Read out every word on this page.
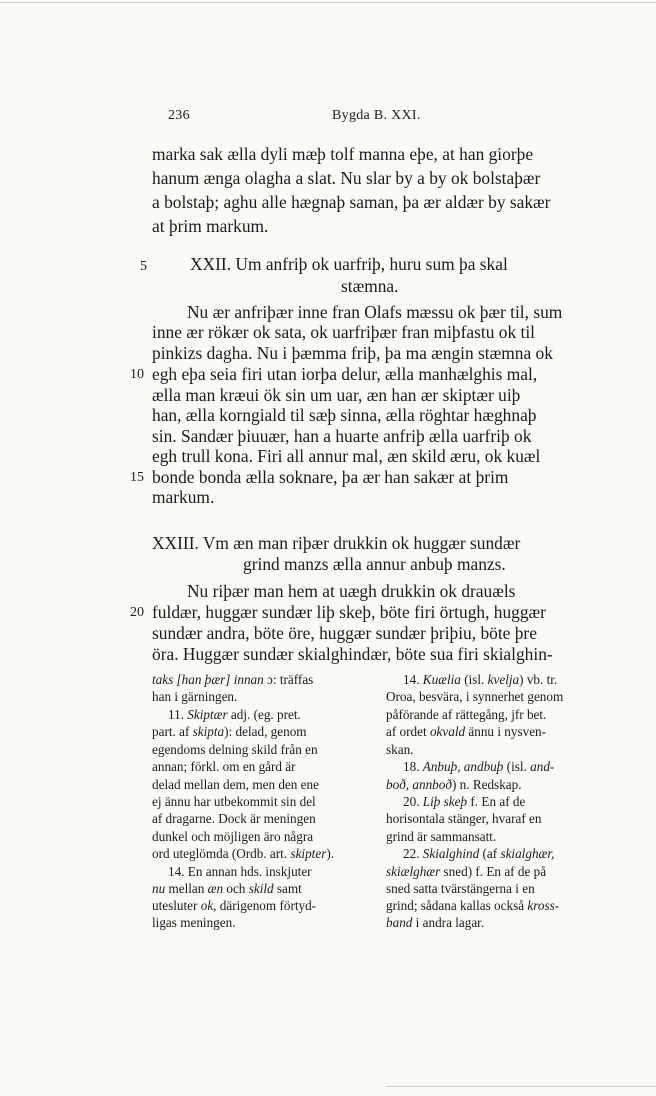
236	Bygda B. XXI.
marka sak ælla dyli mæþ tolf manna eþe, at han giorþe
hanum ænga olagha a slat. Nu slar by a by ok bolstaþær
a bolstaþ; aghu alle hægnaþ saman, þa ær aldær by sakær
at þrim markum.
5 XXII. Um anfriþ ok uarfriþ, huru sum þa skal
stæmna.
Nu ær anfriþær inne fran Olafs mæssu ok þær til, sum
inne ær rökær ok sata, ok uarfriþær fran miþfastu ok til
pinkizs dagha. Nu i þæmma friþ, þa ma ængin stæmna ok
10 egh eþa seia firi utan iorþa delur, ælla manhælghis mal,
ælla man kræui ök sin um uar, æn han ær skiptær uiþ
han, ælla korngiald til sæþ sinna, ælla röghtar hæghnaþ
sin. Sandær þiuuær, han a huarte anfriþ ælla uarfriþ ok
egh trull kona. Firi all annur mal, æn skild æru, ok kuæl
15 bonde bonda ælla soknare, þa ær han sakær at þrim
markum.
XXIII. Vm æn man riþær drukkin ok huggær sundær
grind manzs ælla annur anbuþ manzs.
Nu riþær man hem at uægh drukkin ok drauæls
20 fuldær, huggær sundær liþ skeþ, böte firi örtugh, huggær
sundær andra, böte öre, huggær sundær þriþiu, böte þre
öra. Huggær sundær skialghindær, böte sua firi skialghin-
taks [han þær] innan ɔ: träffas
han i gärningen.
11. Skiptær adj. (eg. pret.
part. af skipta): delad, genom
egendoms delning skild från en
annan; förkl. om en gård är
delad mellan dem, men den ene
ej ännu har utbekommit sin del
af dragarne. Dock är meningen
dunkel och möjligen äro några
ord uteglömda (Ordb. art. skipter).
14. En annan hds. inskjuter
nu mellan æn och skild samt
utesluter ok, därigenom förtyd-
ligas meningen.
14. Kuælia (isl. kvelja) vb. tr.
Oroa, besvära, i synnerhet genom
påförande af rättegång, jfr bet.
af ordet okvald ännu i nysven-
skan.
18. Anbuþ, andbuþ (isl. and-
boð, annboð) n. Redskap.
20. Liþ skeþ f. En af de
horisontala stänger, hvaraf en
grind är sammansatt.
22. Skialghind (af skialghær,
skiælghær sned) f. En af de på
sned satta tvärstängerna i en
grind; sådana kallas också kross-
band i andra lagar.
